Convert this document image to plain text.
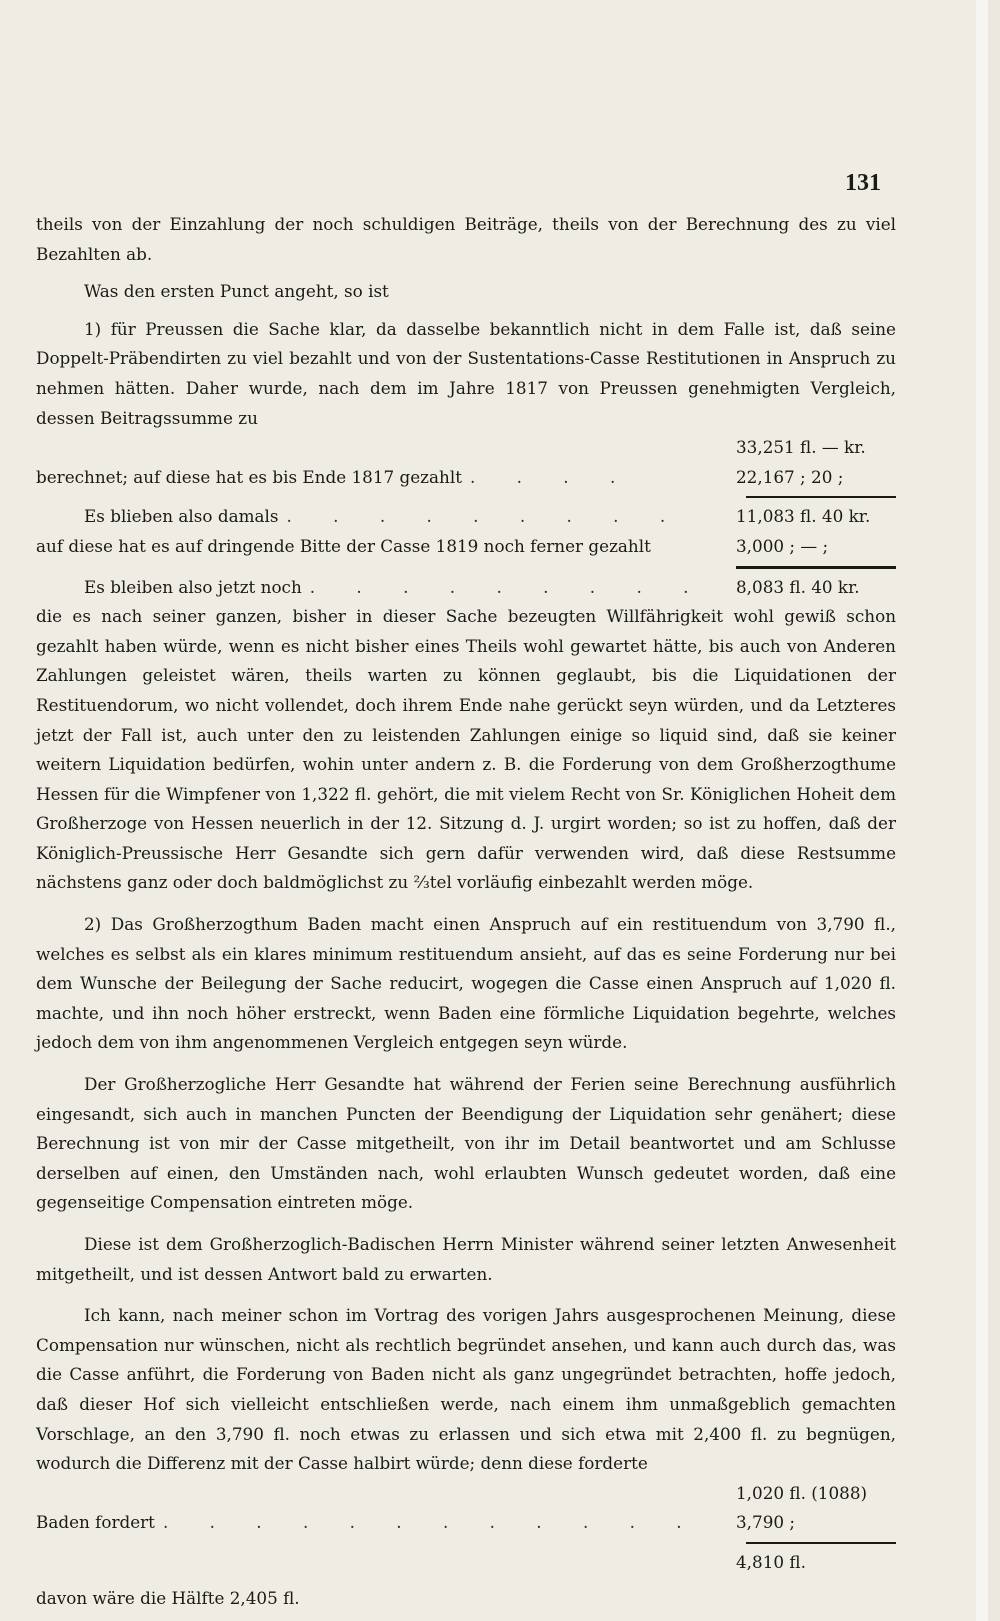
131

theils von der Einzahlung der noch schuldigen Beiträge, theils von der Berechnung des zu viel Bezahlten ab.

Was den ersten Punct angeht, so ist

1) für Preussen die Sache klar, da dasselbe bekanntlich nicht in dem Falle ist, daß seine Doppelt-Präbendirten zu viel bezahlt und von der Sustentations-Casse Restitutionen in Anspruch zu nehmen hätten. Daher wurde, nach dem im Jahre 1817 von Preussen genehmigten Vergleich, dessen Beitragssumme zu

33,251 fl. — kr.
berechnet; auf diese hat es bis Ende 1817 gezahlt . . . .	22,167 ; 20 ;
Es blieben also damals . . . . . . . . .	11,083 fl. 40 kr.
auf diese hat es auf dringende Bitte der Casse 1819 noch ferner gezahlt	3,000 ; — ;
Es bleiben also jetzt noch . . . . . . . . .	8,083 fl. 40 kr.

die es nach seiner ganzen, bisher in dieser Sache bezeugten Willfährigkeit wohl gewiß schon gezahlt haben würde, wenn es nicht bisher eines Theils wohl gewartet hätte, bis auch von Anderen Zahlungen geleistet wären, theils warten zu können geglaubt, bis die Liquidationen der Restituendorum, wo nicht vollendet, doch ihrem Ende nahe gerückt seyn würden, und da Letzteres jetzt der Fall ist, auch unter den zu leistenden Zahlungen einige so liquid sind, daß sie keiner weitern Liquidation bedürfen, wohin unter andern z. B. die Forderung von dem Großherzogthume Hessen für die Wimpfener von 1,322 fl. gehört, die mit vielem Recht von Sr. Königlichen Hoheit dem Großherzoge von Hessen neuerlich in der 12. Sitzung d. J. urgirt worden; so ist zu hoffen, daß der Königlich-Preussische Herr Gesandte sich gern dafür verwenden wird, daß diese Restsumme nächstens ganz oder doch baldmöglichst zu ⅔tel vorläufig einbezahlt werden möge.

2) Das Großherzogthum Baden macht einen Anspruch auf ein restituendum von 3,790 fl., welches es selbst als ein klares minimum restituendum ansieht, auf das es seine Forderung nur bei dem Wunsche der Beilegung der Sache reducirt, wogegen die Casse einen Anspruch auf 1,020 fl. machte, und ihn noch höher erstreckt, wenn Baden eine förmliche Liquidation begehrte, welches jedoch dem von ihm angenommenen Vergleich entgegen seyn würde.

Der Großherzogliche Herr Gesandte hat während der Ferien seine Berechnung ausführlich eingesandt, sich auch in manchen Puncten der Beendigung der Liquidation sehr genähert; diese Berechnung ist von mir der Casse mitgetheilt, von ihr im Detail beantwortet und am Schlusse derselben auf einen, den Umständen nach, wohl erlaubten Wunsch gedeutet worden, daß eine gegenseitige Compensation eintreten möge.

Diese ist dem Großherzoglich-Badischen Herrn Minister während seiner letzten Anwesenheit mitgetheilt, und ist dessen Antwort bald zu erwarten.

Ich kann, nach meiner schon im Vortrag des vorigen Jahrs ausgesprochenen Meinung, diese Compensation nur wünschen, nicht als rechtlich begründet ansehen, und kann auch durch das, was die Casse anführt, die Forderung von Baden nicht als ganz ungegründet betrachten, hoffe jedoch, daß dieser Hof sich vielleicht entschließen werde, nach einem ihm unmaßgeblich gemachten Vorschlage, an den 3,790 fl. noch etwas zu erlassen und sich etwa mit 2,400 fl. zu begnügen, wodurch die Differenz mit der Casse halbirt würde; denn diese forderte

1,020 fl. (1088)
Baden fordert . . . . . . . . . . . .	3,790 ;
4,810 fl.
davon wäre die Hälfte 2,405 fl.
